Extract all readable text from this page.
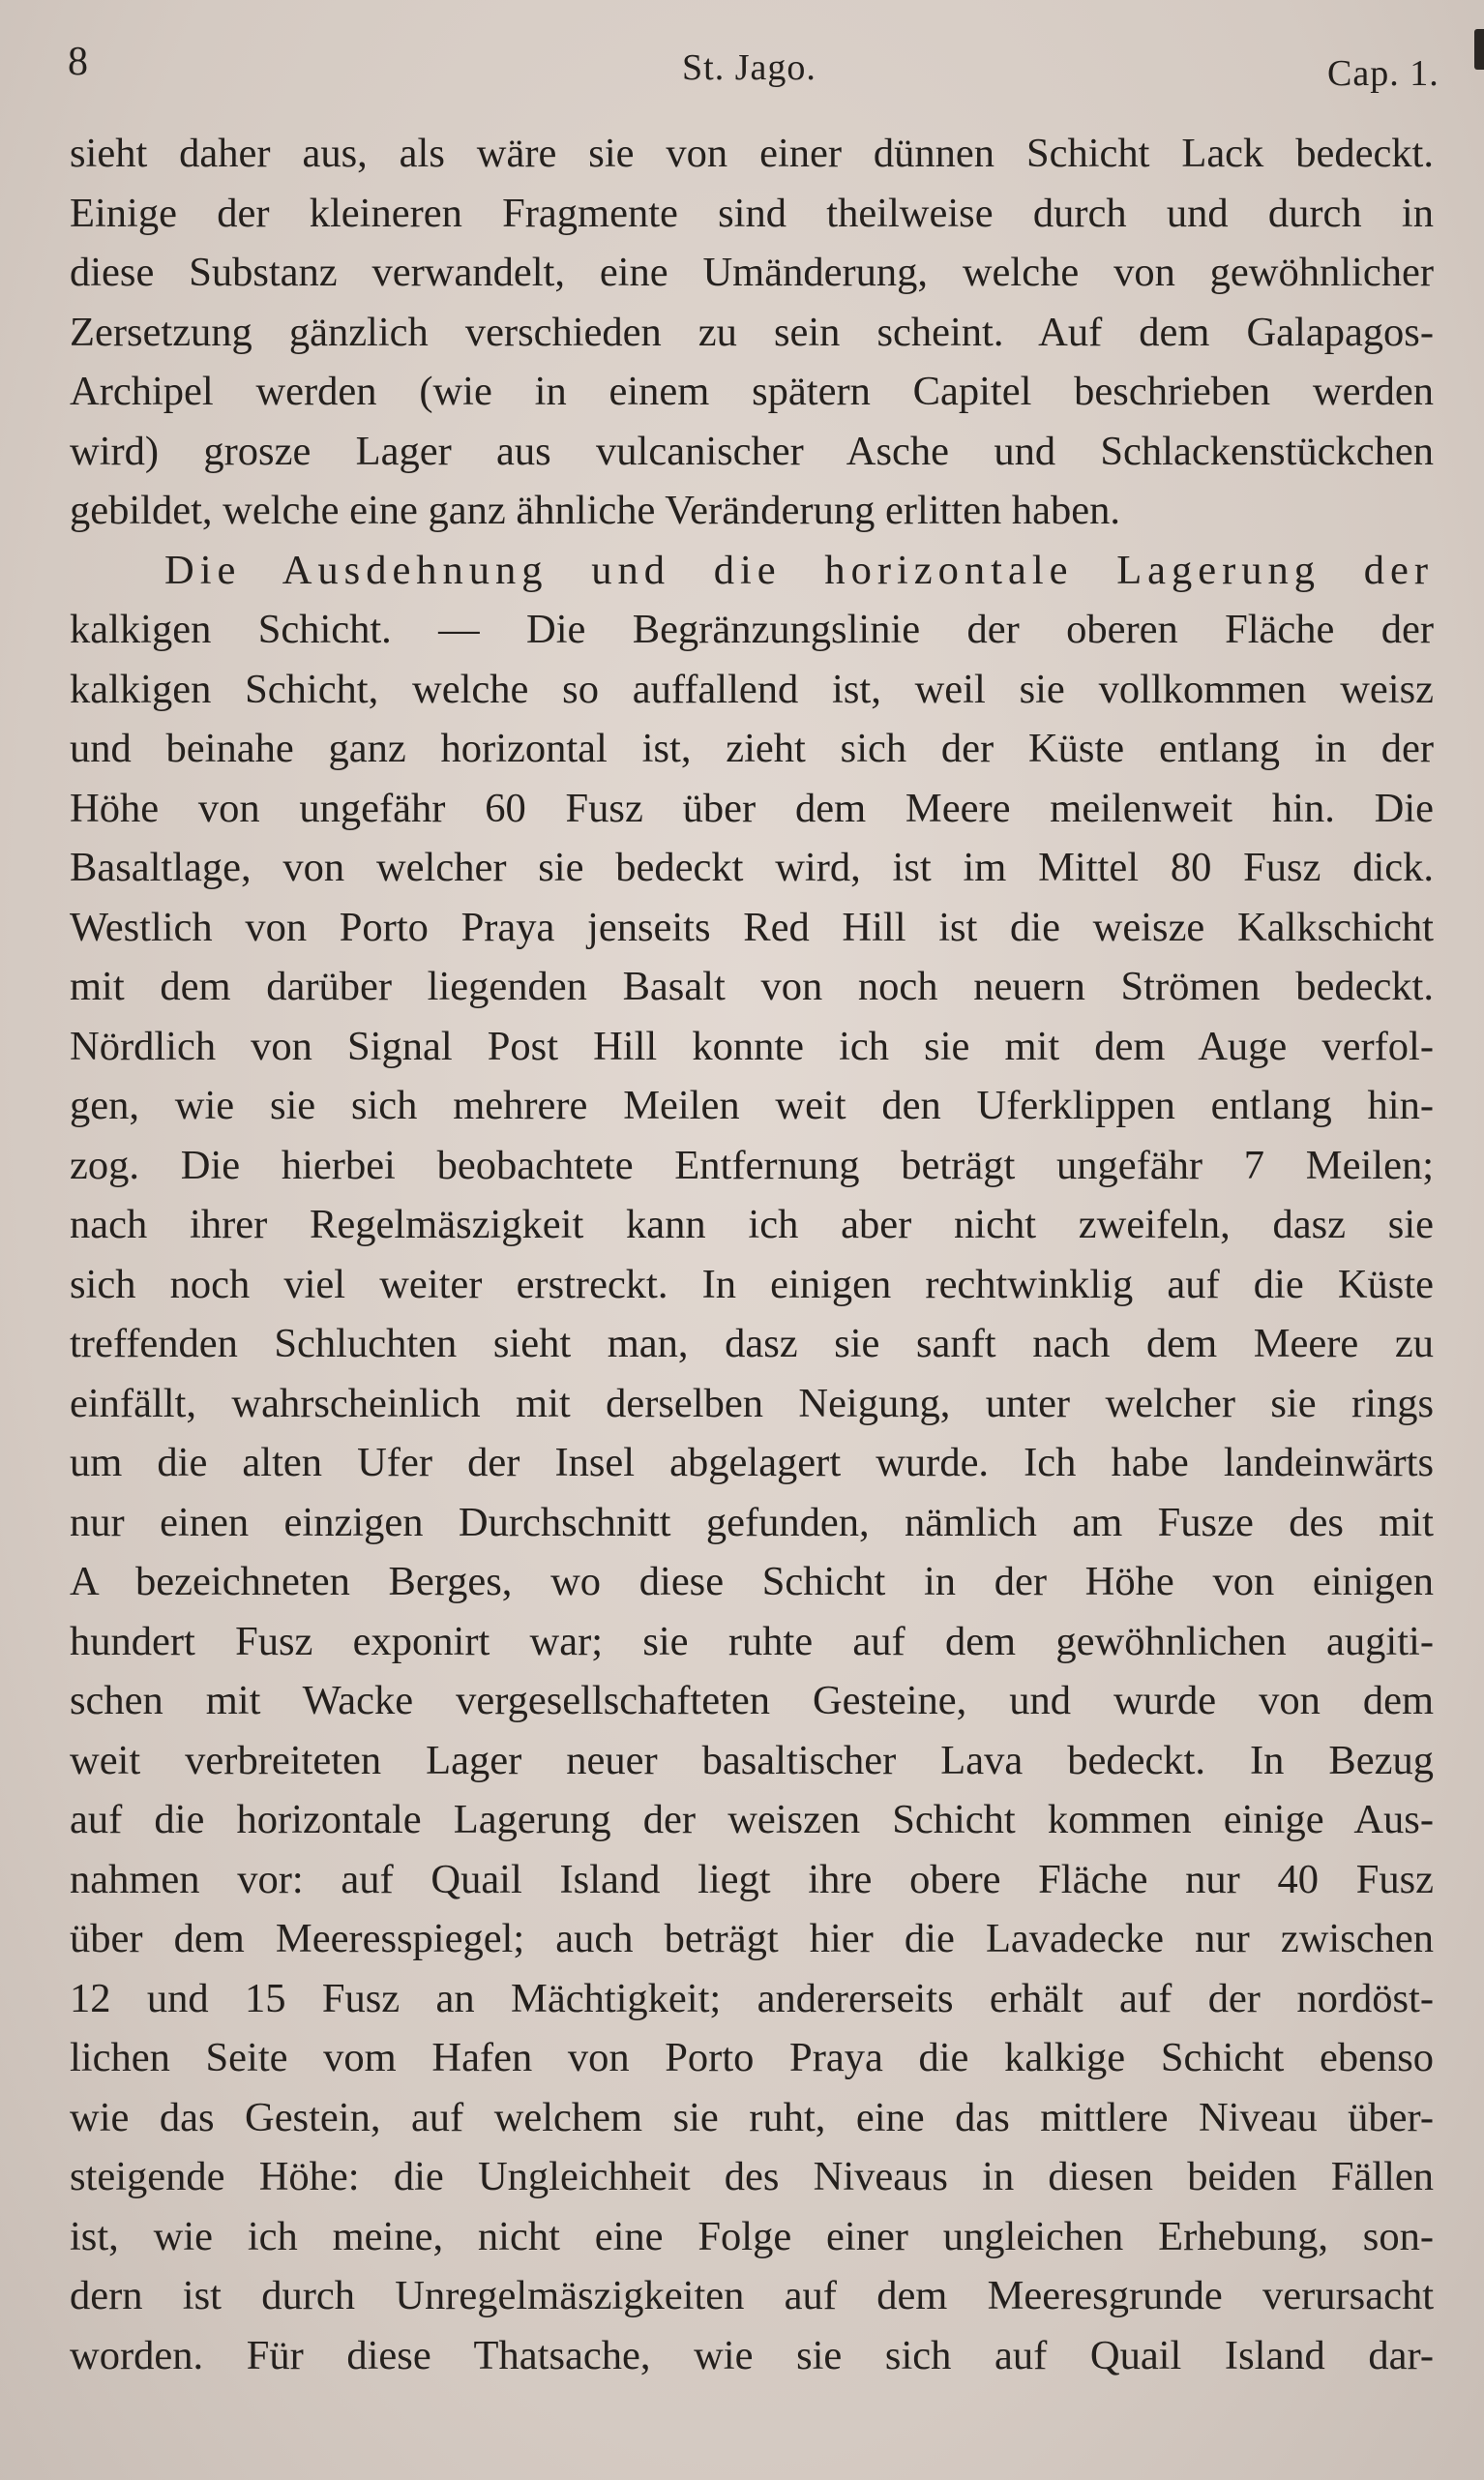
8	St. Jago.	Cap. 1.
sieht daher aus, als wäre sie von einer dünnen Schicht Lack bedeckt.
Einige der kleineren Fragmente sind theilweise durch und durch in
diese Substanz verwandelt, eine Umänderung, welche von gewöhnlicher
Zersetzung gänzlich verschieden zu sein scheint. Auf dem Galapagos-
Archipel werden (wie in einem spätern Capitel beschrieben werden
wird) grosze Lager aus vulcanischer Asche und Schlackenstückchen
gebildet, welche eine ganz ähnliche Veränderung erlitten haben.
Die Ausdehnung und die horizontale Lagerung der
kalkigen Schicht. — Die Begränzungslinie der oberen Fläche der
kalkigen Schicht, welche so auffallend ist, weil sie vollkommen weisz
und beinahe ganz horizontal ist, zieht sich der Küste entlang in der
Höhe von ungefähr 60 Fusz über dem Meere meilenweit hin. Die
Basaltlage, von welcher sie bedeckt wird, ist im Mittel 80 Fusz dick.
Westlich von Porto Praya jenseits Red Hill ist die weisze Kalkschicht
mit dem darüber liegenden Basalt von noch neuern Strömen bedeckt.
Nördlich von Signal Post Hill konnte ich sie mit dem Auge verfol-
gen, wie sie sich mehrere Meilen weit den Uferklippen entlang hin-
zog. Die hierbei beobachtete Entfernung beträgt ungefähr 7 Meilen;
nach ihrer Regelmäszigkeit kann ich aber nicht zweifeln, dasz sie
sich noch viel weiter erstreckt. In einigen rechtwinklig auf die Küste
treffenden Schluchten sieht man, dasz sie sanft nach dem Meere zu
einfällt, wahrscheinlich mit derselben Neigung, unter welcher sie rings
um die alten Ufer der Insel abgelagert wurde. Ich habe landeinwärts
nur einen einzigen Durchschnitt gefunden, nämlich am Fusze des mit
A bezeichneten Berges, wo diese Schicht in der Höhe von einigen
hundert Fusz exponirt war; sie ruhte auf dem gewöhnlichen augiti-
schen mit Wacke vergesellschafteten Gesteine, und wurde von dem
weit verbreiteten Lager neuer basaltischer Lava bedeckt. In Bezug
auf die horizontale Lagerung der weiszen Schicht kommen einige Aus-
nahmen vor: auf Quail Island liegt ihre obere Fläche nur 40 Fusz
über dem Meeresspiegel; auch beträgt hier die Lavadecke nur zwischen
12 und 15 Fusz an Mächtigkeit; andererseits erhält auf der nordöst-
lichen Seite vom Hafen von Porto Praya die kalkige Schicht ebenso
wie das Gestein, auf welchem sie ruht, eine das mittlere Niveau über-
steigende Höhe: die Ungleichheit des Niveaus in diesen beiden Fällen
ist, wie ich meine, nicht eine Folge einer ungleichen Erhebung, son-
dern ist durch Unregelmäszigkeiten auf dem Meeresgrunde verursacht
worden. Für diese Thatsache, wie sie sich auf Quail Island dar-
